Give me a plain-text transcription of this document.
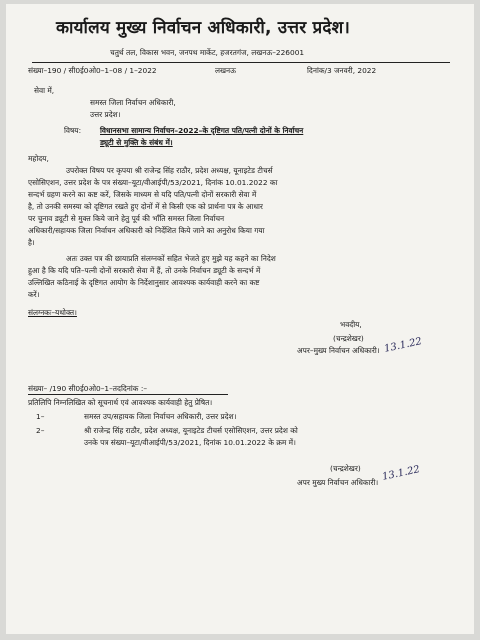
कार्यालय मुख्य निर्वाचन अधिकारी, उत्तर प्रदेश।
चतुर्थ तल, विकास भवन, जनपथ मार्केट, हजरतगंज, लखनऊ–226001
संख्या–190 / सी0ई0ओ0–1–08 / 1–2022	लखनऊ	दिनांक/3 जनवरी, 2022
सेवा में,
समस्त जिला निर्वाचन अधिकारी,
उत्तर प्रदेश।
विषय:	विधानसभा सामान्य निर्वाचन–2022–के दृष्टिगत पति/पत्नी दोनों के निर्वाचन
ड्यूटी से मुक्ति के संबंध में।
महोदय,
उपरोक्त विषय पर कृपया श्री राजेन्द्र सिंह राठौर, प्रदेश अध्यक्ष, यूनाइटेड टीचर्स
एसोसिएशन, उत्तर प्रदेश के पत्र संख्या–यूटा/वीआईपी/53/2021, दिनांक 10.01.2022 का
सन्दर्भ ग्रहण करने का कष्ट करें, जिसके माध्यम से यदि पति/पत्नी दोनों सरकारी सेवा में
है, तो उनकी समस्या को दृष्टिगत रखते हुए दोनों में से किसी एक को प्रार्थना पत्र के आधार
पर चुनाव ड्यूटी से मुक्त किये जाने हेतु पूर्व की भाँति समस्त जिला निर्वाचन
अधिकारी/सहायक जिला निर्वाचन अधिकारी को निर्देशित किये जाने का अनुरोध किया गया
है।
अतः उक्त पत्र की छायाप्रति संलग्नकों सहित भेजते हुए मुझे यह कहने का निदेश
हुआ है कि यदि पति–पत्नी दोनों सरकारी सेवा में हैं, तो उनके निर्वाचन ड्यूटी के सन्दर्भ में
उल्लिखित कठिनाई के दृष्टिगत आयोग के निर्देशानुसार आवश्यक कार्यवाही करने का कष्ट
करें।
संलग्नकः–यथोक्त।
भवदीय,
13.1.22
(चन्द्रशेखर)
अपर–मुख्य निर्वाचन अधिकारी।
संख्या– /190 सी0ई0ओ0–1–तददिनांक :–
प्रतिलिपि निम्नलिखित को सूचनार्थ एवं आवश्यक कार्यवाही हेतु प्रेषित।
1–	समस्त उप/सहायक जिला निर्वाचन अधिकारी, उत्तर प्रदेश।
2–	श्री राजेन्द्र सिंह राठौर, प्रदेश अध्यक्ष, यूनाइटेड टीचर्स एसोसिएशन, उत्तर प्रदेश को
उनके पत्र संख्या–यूटा/वीआईपी/53/2021, दिनांक 10.01.2022 के क्रम में।
13.1.22
(चन्द्रशेखर)
अपर मुख्य निर्वाचन अधिकारी।
